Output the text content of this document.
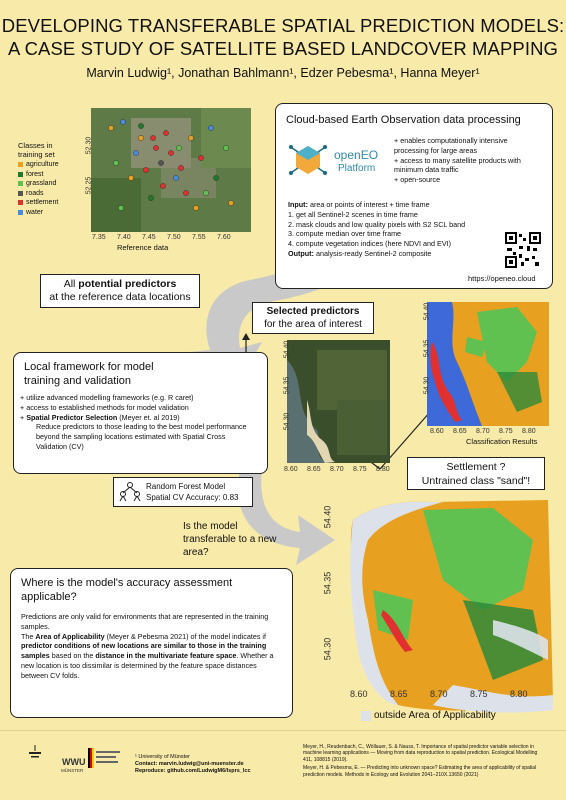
DEVELOPING TRANSFERABLE SPATIAL PREDICTION MODELS:
A CASE STUDY OF SATELLITE BASED LANDCOVER MAPPING
Marvin Ludwig¹, Jonathan Bahlmann¹, Edzer Pebesma¹, Hanna Meyer¹
Classes in training set
agriculture
forest
grassland
roads
settlement
water
52.30
52.25
7.35 7.40 7.45 7.50 7.55 7.60
Reference data
Cloud-based Earth Observation data processing
openEO
Platform
+ enables computationally intensive processing for large areas
+ access to many satellite products with minimum data traffic
+ open-source
Input: area or points of interest + time frame
1. get all Sentinel-2 scenes in time frame
2. mask clouds and low quality pixels with S2 SCL band
3. compute median over time frame
4. compute vegetation indices (here NDVI and EVI)
Output: analysis-ready Sentinel-2 composite
https://openeo.cloud
All potential predictors
at the reference data locations
Selected predictors
for the area of interest
54.40
54.35
54.30
8.60 8.65 8.70 8.75 8.80
54.40
54.35
54.30
8.60 8.65 8.70 8.75 8.80
Classification Results
Local framework for model training and validation
+ utilize advanced modelling frameworks (e.g. R caret)
+ access to established methods for model validation
+ Spatial Predictor Selection (Meyer et. al 2019)
Reduce predictors to those leading to the best model performance beyond the sampling locations estimated with Spatial Cross Validation (CV)
Random Forest Model
Spatial CV Accuracy: 0.83
Settlement ?
Untrained class "sand"!
Is the model transferable to a new area?
Where is the model's accuracy assessment applicable?
Predictions are only valid for environments that are represented in the training samples.
The Area of Applicability (Meyer & Pebesma 2021) of the model indicates if predictor conditions of new locations are similar to those in the training samples based on the distance in the multivariate feature space. Whether a new location is too dissimilar is determined by the feature space distances between CV folds.
54.40
54.35
54.30
8.60 8.65 8.70 8.75 8.80
outside Area of Applicability
WWU
MÜNSTER
¹ University of Münster
Contact: marvin.ludwig@uni-muenster.de
Reproduce: github.com/LudwigM6/lsprs_lcc
Meyer, H., Reudenbach, C., Wöllauer, S. & Nauss, T. Importance of spatial predictor variable selection in machine learning applications — Moving from data reproduction to spatial prediction. Ecological Modelling 411, 108815 (2019).
Meyer, H. & Pebesma, E. — Predicting into unknown space? Estimating the area of applicability of spatial prediction models. Methods in Ecology and Evolution 2041–210X.13650 (2021)
